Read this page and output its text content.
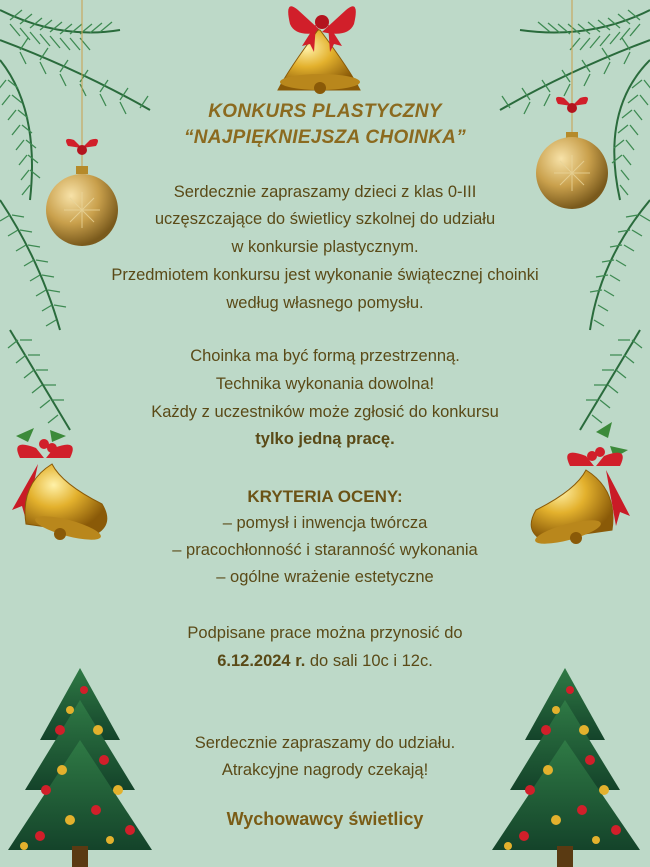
KONKURS PLASTYCZNY
“NAJPIĘKNIEJSZA CHOINKA”
Serdecznie zapraszamy dzieci z klas 0-III
uczęszczające do świetlicy szkolnej do udziału
w konkursie plastycznym.
Przedmiotem konkursu jest wykonanie świątecznej choinki
według własnego pomysłu.
Choinka ma być formą przestrzenną.
Technika wykonania dowolna!
Każdy z uczestników może zgłosić do konkursu
tylko jedną pracę.
KRYTERIA OCENY:
– pomysł i inwencja twórcza
– pracochłonność i staranność wykonania
– ogólne wrażenie estetyczne
Podpisane prace można przynosić do
6.12.2024 r. do sali 10c i 12c.
Serdecznie zapraszamy do udziału.
Atrakcyjne nagrody czekają!
Wychowawcy świetlicy
